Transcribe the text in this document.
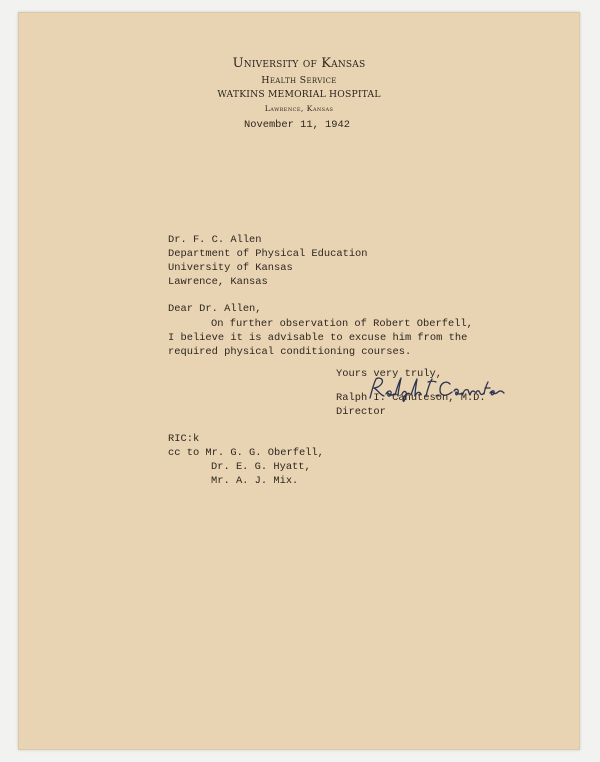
University of Kansas
Health Service
WATKINS MEMORIAL HOSPITAL
Lawrence, Kansas
November 11, 1942
Dr. F. C. Allen
Department of Physical Education
University of Kansas
Lawrence, Kansas
Dear Dr. Allen,
On further observation of Robert Oberfell,
I believe it is advisable to excuse him from the
required physical conditioning courses.
Yours very truly,
Ralph I. Canuteson, M.D.
Director
RIC:k
cc to Mr. G. G. Oberfell,
Dr. E. G. Hyatt,
Mr. A. J. Mix.
